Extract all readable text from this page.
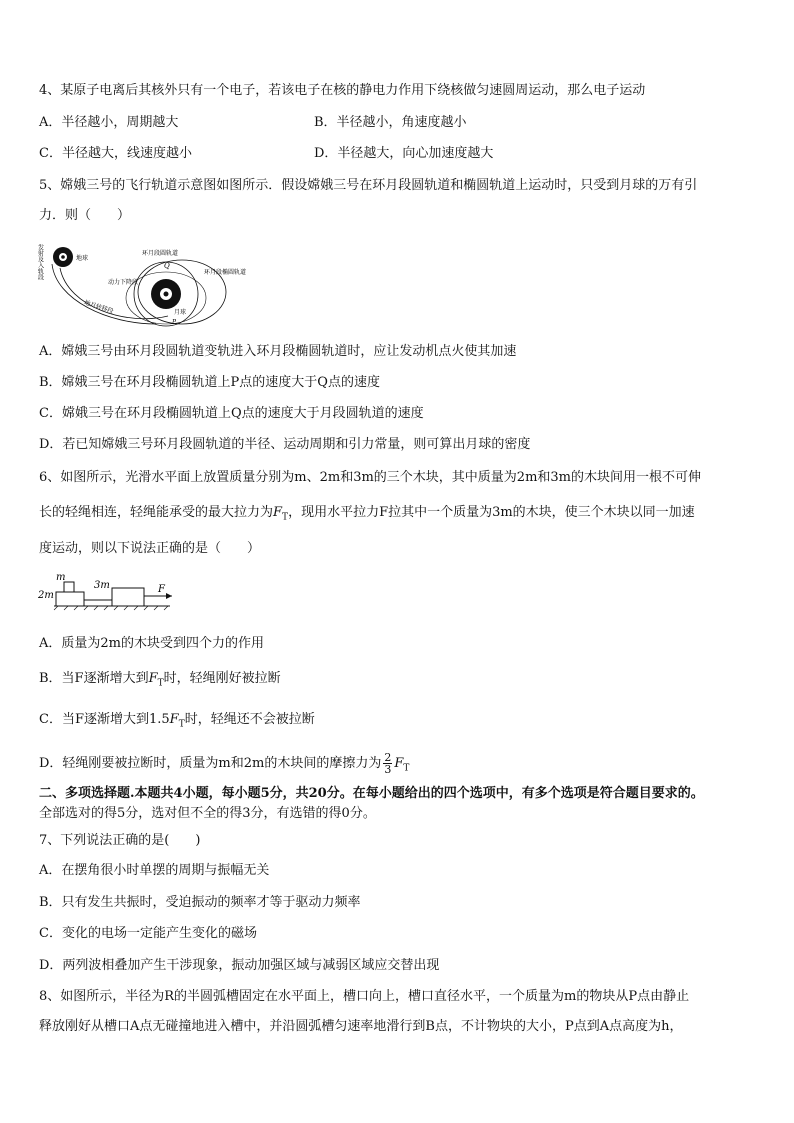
4、某原子电离后其核外只有一个电子，若该电子在核的静电力作用下绕核做匀速圆周运动，那么电子运动
A．半径越小，周期越大	B．半径越小，角速度越小
C．半径越大，线速度越小	D．半径越大，向心加速度越大
5、嫦娥三号的飞行轨道示意图如图所示．假设嫦娥三号在环月段圆轨道和椭圆轨道上运动时，只受到月球的万有引
力．则（　　）
地球
发射及入轨段
地月转移段
环月段圆轨道
环月段椭圆轨道
动力下降段
月球
Q
P
A．嫦娥三号由环月段圆轨道变轨进入环月段椭圆轨道时，应让发动机点火使其加速
B．嫦娥三号在环月段椭圆轨道上P点的速度大于Q点的速度
C．嫦娥三号在环月段椭圆轨道上Q点的速度大于月段圆轨道的速度
D．若已知嫦娥三号环月段圆轨道的半径、运动周期和引力常量，则可算出月球的密度
6、如图所示，光滑水平面上放置质量分别为m、2m和3m的三个木块，其中质量为2m和3m的木块间用一根不可伸
长的轻绳相连，轻绳能承受的最大拉力为$F_T$，现用水平拉力F拉其中一个质量为3m的木块，使三个木块以同一加速
度运动，则以下说法正确的是（　　）
m
2m
3m	F
A．质量为2m的木块受到四个力的作用
B．当F逐渐增大到$F_T$时，轻绳刚好被拉断
C．当F逐渐增大到$1.5F_T$时，轻绳还不会被拉断
D．轻绳刚要被拉断时，质量为m和2m的木块间的摩擦力为 $\frac{2}{3} F_T$
二、多项选择题.本题共4小题，每小题5分，共20分。在每小题给出的四个选项中，有多个选项是符合题目要求的。
全部选对的得5分，选对但不全的得3分，有选错的得0分。
7、下列说法正确的是(　　)
A．在摆角很小时单摆的周期与振幅无关
B．只有发生共振时，受迫振动的频率才等于驱动力频率
C．变化的电场一定能产生变化的磁场
D．两列波相叠加产生干涉现象，振动加强区域与减弱区域应交替出现
8、如图所示，半径为R的半圆弧槽固定在水平面上，槽口向上，槽口直径水平，一个质量为m的物块从P点由静止
释放刚好从槽口A点无碰撞地进入槽中，并沿圆弧槽匀速率地滑行到B点，不计物块的大小，P点到A点高度为h，
